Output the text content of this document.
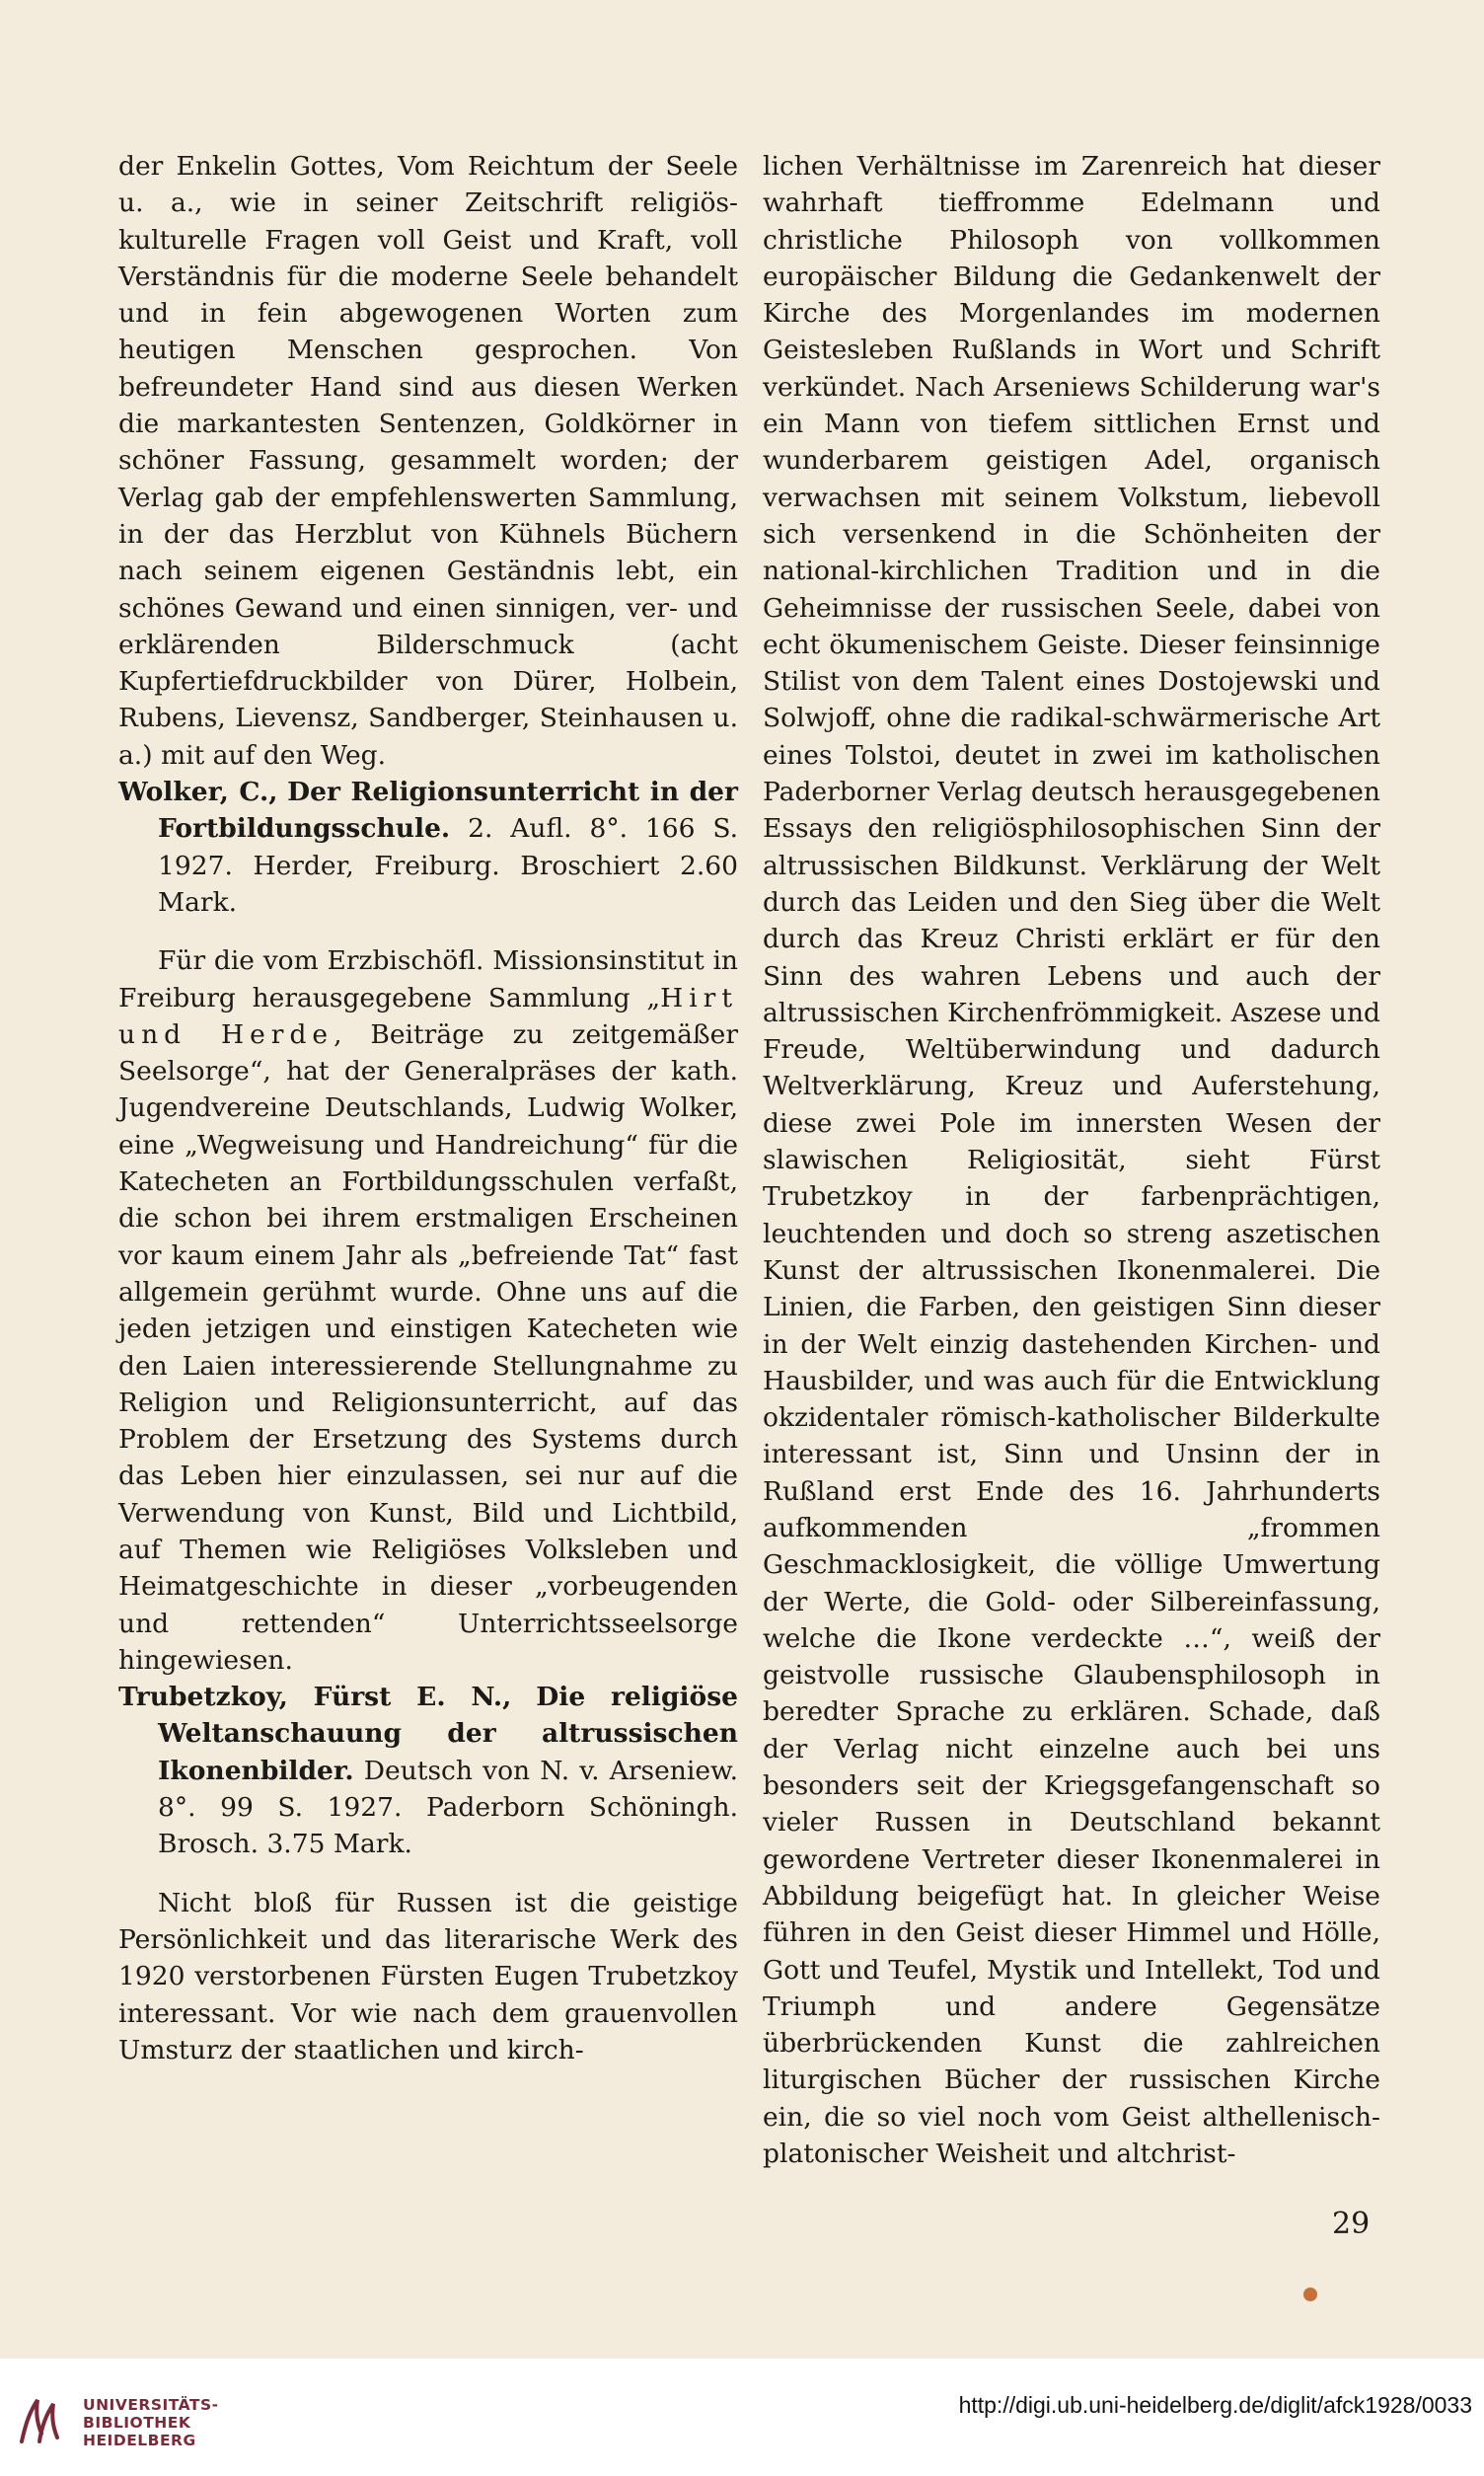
der Enkelin Gottes, Vom Reichtum der Seele u. a., wie in seiner Zeitschrift religiös-kulturelle Fragen voll Geist und Kraft, voll Verständnis für die moderne Seele behandelt und in fein abgewogenen Worten zum heutigen Menschen gesprochen. Von befreundeter Hand sind aus diesen Werken die markantesten Sentenzen, Goldkörner in schöner Fassung, gesammelt worden; der Verlag gab der empfehlenswerten Sammlung, in der das Herzblut von Kühnels Büchern nach seinem eigenen Geständnis lebt, ein schönes Gewand und einen sinnigen, ver- und erklärenden Bilderschmuck (acht Kupfertiefdruckbilder von Dürer, Holbein, Rubens, Lievensz, Sandberger, Steinhausen u. a.) mit auf den Weg.

Wolker, C., Der Religionsunterricht in der Fortbildungsschule. 2. Aufl. 8°. 166 S. 1927. Herder, Freiburg. Broschiert 2.60 Mark.

Für die vom Erzbischöfl. Missionsinstitut in Freiburg herausgegebene Sammlung „Hirt und Herde, Beiträge zu zeitgemäßer Seelsorge“, hat der Generalpräses der kath. Jugendvereine Deutschlands, Ludwig Wolker, eine „Wegweisung und Handreichung“ für die Katecheten an Fortbildungsschulen verfaßt, die schon bei ihrem erstmaligen Erscheinen vor kaum einem Jahr als „befreiende Tat“ fast allgemein gerühmt wurde. Ohne uns auf die jeden jetzigen und einstigen Katecheten wie den Laien interessierende Stellungnahme zu Religion und Religionsunterricht, auf das Problem der Ersetzung des Systems durch das Leben hier einzulassen, sei nur auf die Verwendung von Kunst, Bild und Lichtbild, auf Themen wie Religiöses Volksleben und Heimatgeschichte in dieser „vorbeugenden und rettenden“ Unterrichtsseelsorge hingewiesen.

Trubetzkoy, Fürst E. N., Die religiöse Weltanschauung der altrussischen Ikonenbilder. Deutsch von N. v. Arseniew. 8°. 99 S. 1927. Paderborn Schöningh. Brosch. 3.75 Mark.

Nicht bloß für Russen ist die geistige Persönlichkeit und das literarische Werk des 1920 verstorbenen Fürsten Eugen Trubetzkoy interessant. Vor wie nach dem grauenvollen Umsturz der staatlichen und kirch-

lichen Verhältnisse im Zarenreich hat dieser wahrhaft tieffromme Edelmann und christliche Philosoph von vollkommen europäischer Bildung die Gedankenwelt der Kirche des Morgenlandes im modernen Geistesleben Rußlands in Wort und Schrift verkündet. Nach Arseniews Schilderung war's ein Mann von tiefem sittlichen Ernst und wunderbarem geistigen Adel, organisch verwachsen mit seinem Volkstum, liebevoll sich versenkend in die Schönheiten der national-kirchlichen Tradition und in die Geheimnisse der russischen Seele, dabei von echt ökumenischem Geiste. Dieser feinsinnige Stilist von dem Talent eines Dostojewski und Solwjoff, ohne die radikal-schwärmerische Art eines Tolstoi, deutet in zwei im katholischen Paderborner Verlag deutsch herausgegebenen Essays den religiösphilosophischen Sinn der altrussischen Bildkunst. Verklärung der Welt durch das Leiden und den Sieg über die Welt durch das Kreuz Christi erklärt er für den Sinn des wahren Lebens und auch der altrussischen Kirchenfrömmigkeit. Aszese und Freude, Weltüberwindung und dadurch Weltverklärung, Kreuz und Auferstehung, diese zwei Pole im innersten Wesen der slawischen Religiosität, sieht Fürst Trubetzkoy in der farbenprächtigen, leuchtenden und doch so streng aszetischen Kunst der altrussischen Ikonenmalerei. Die Linien, die Farben, den geistigen Sinn dieser in der Welt einzig dastehenden Kirchen- und Hausbilder, und was auch für die Entwicklung okzidentaler römisch-katholischer Bilderkulte interessant ist, Sinn und Unsinn der in Rußland erst Ende des 16. Jahrhunderts aufkommenden „frommen Geschmacklosigkeit, die völlige Umwertung der Werte, die Gold- oder Silbereinfassung, welche die Ikone verdeckte …“, weiß der geistvolle russische Glaubensphilosoph in beredter Sprache zu erklären. Schade, daß der Verlag nicht einzelne auch bei uns besonders seit der Kriegsgefangenschaft so vieler Russen in Deutschland bekannt gewordene Vertreter dieser Ikonenmalerei in Abbildung beigefügt hat. In gleicher Weise führen in den Geist dieser Himmel und Hölle, Gott und Teufel, Mystik und Intellekt, Tod und Triumph und andere Gegensätze überbrückenden Kunst die zahlreichen liturgischen Bücher der russischen Kirche ein, die so viel noch vom Geist althellenisch-platonischer Weisheit und altchrist-

29
UNIVERSITÄTS-
BIBLIOTHEK
HEIDELBERG
http://digi.ub.uni-heidelberg.de/diglit/afck1928/0033
